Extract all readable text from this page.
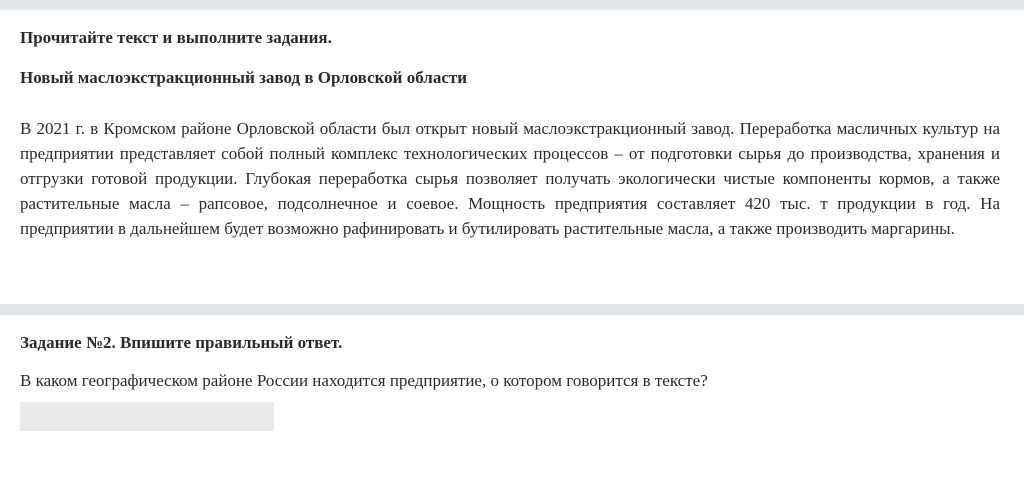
Прочитайте текст и выполните задания.
Новый маслоэкстракционный завод в Орловской области
В 2021 г. в Кромском районе Орловской области был открыт новый маслоэкстракционный завод. Переработка масличных культур на предприятии представляет собой полный комплекс технологических процессов – от подготовки сырья до производства, хранения и отгрузки готовой продукции. Глубокая переработка сырья позволяет получать экологически чистые компоненты кормов, а также растительные масла – рапсовое, подсолнечное и соевое. Мощность предприятия составляет 420 тыс. т продукции в год. На предприятии в дальнейшем будет возможно рафинировать и бутилировать растительные масла, а также производить маргарины.
Задание №2. Впишите правильный ответ.
В каком географическом районе России находится предприятие, о котором говорится в тексте?
